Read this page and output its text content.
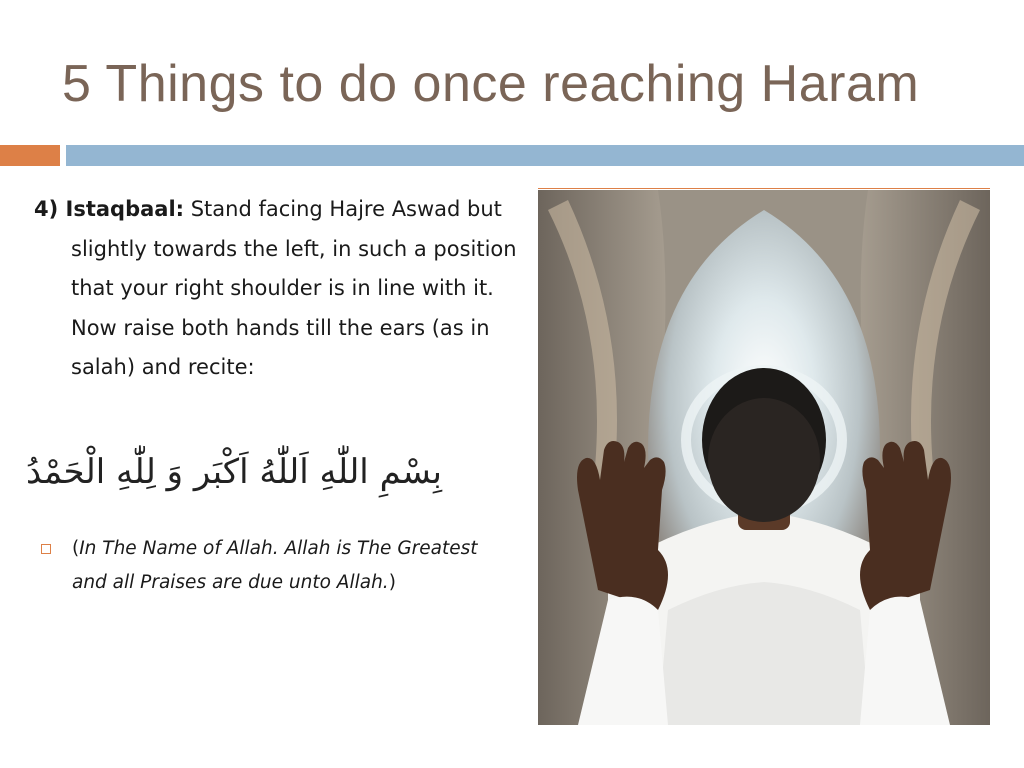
5 Things to do once reaching Haram
4) Istaqbaal: Stand facing Hajre Aswad but slightly towards the left, in such a position that your right shoulder is in line with it. Now raise both hands till the ears (as in salah) and recite:
بِسْمِ اللّٰهِ اَللّٰهُ اَكْبَر وَ لِلّٰهِ الْحَمْدُ
(In The Name of Allah. Allah is The Greatest and all Praises are due unto Allah.)
